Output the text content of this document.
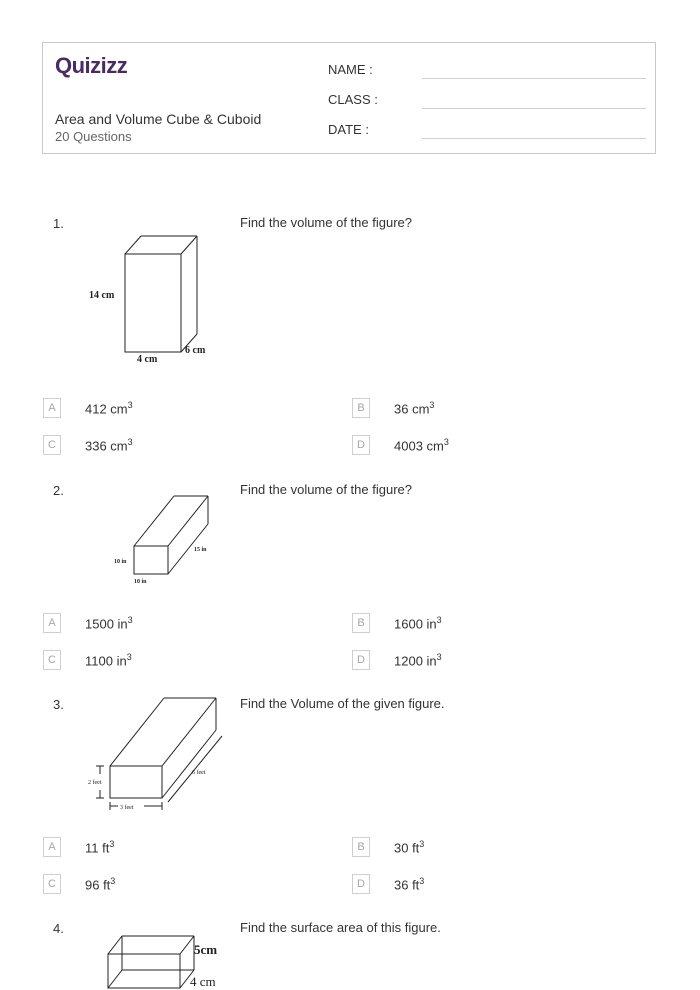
Quizizz
Area and Volume Cube & Cuboid
20 Questions
NAME :
CLASS :
DATE :
1.	Find the volume of the figure?
14 cm
4 cm
6 cm
A	412 $cm^3$	B	36 $cm^3$
C	336 $cm^3$	D	4003 $cm^3$
2.	Find the volume of the figure?
10 in
10 in
15 in
A	1500 $in^3$	B	1600 $in^3$
C	1100 $in^3$	D	1200 $in^3$
3.	Find the Volume of the given figure.
2 feet
3 feet
6 feet
A	11 $ft^3$	B	30 $ft^3$
C	96 $ft^3$	D	36 $ft^3$
4.	Find the surface area of this figure.
5cm
4 cm
